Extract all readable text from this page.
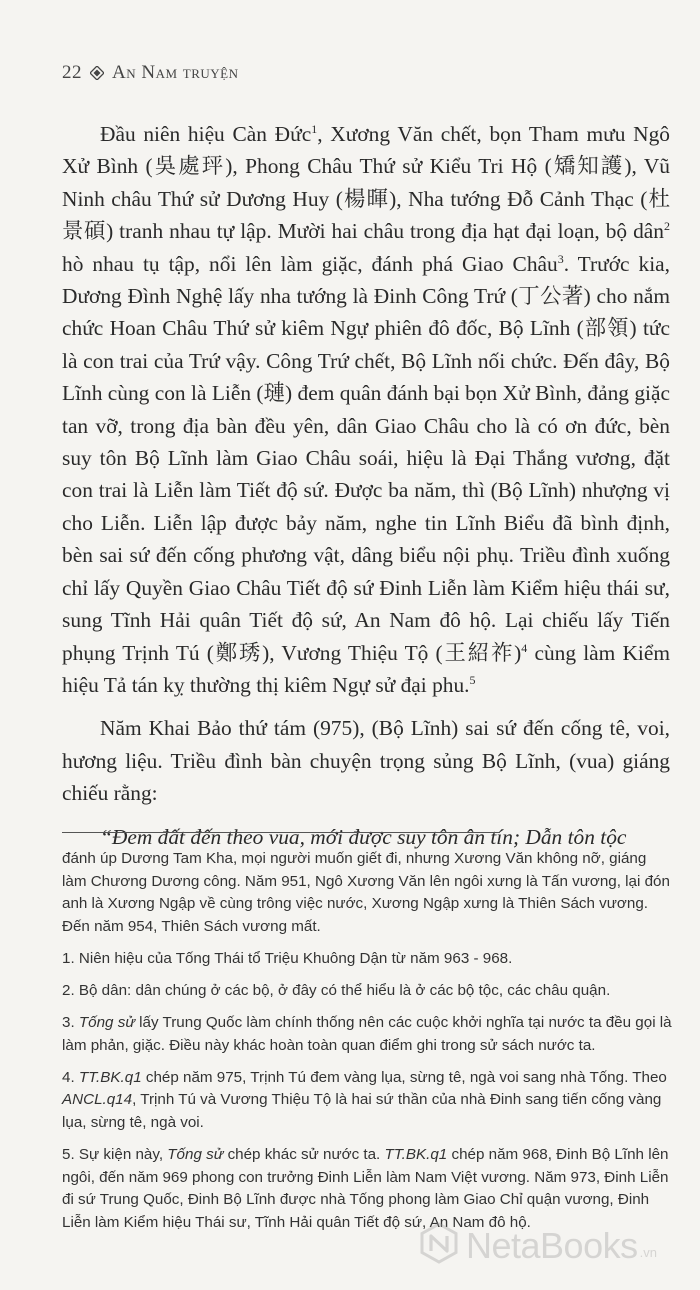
22 An Nam truyện

Đầu niên hiệu Càn Đức$^1$, Xương Văn chết, bọn Tham mưu Ngô Xử Bình (吳處玶), Phong Châu Thứ sử Kiểu Tri Hộ (矯知護), Vũ Ninh châu Thứ sử Dương Huy (楊暉), Nha tướng Đỗ Cảnh Thạc (杜景碩) tranh nhau tự lập. Mười hai châu trong địa hạt đại loạn, bộ dân$^2$ hò nhau tụ tập, nổi lên làm giặc, đánh phá Giao Châu$^3$. Trước kia, Dương Đình Nghệ lấy nha tướng là Đinh Công Trứ (丁公著) cho nắm chức Hoan Châu Thứ sử kiêm Ngự phiên đô đốc, Bộ Lĩnh (部領) tức là con trai của Trứ vậy. Công Trứ chết, Bộ Lĩnh nối chức. Đến đây, Bộ Lĩnh cùng con là Liễn (璉) đem quân đánh bại bọn Xử Bình, đảng giặc tan vỡ, trong địa bàn đều yên, dân Giao Châu cho là có ơn đức, bèn suy tôn Bộ Lĩnh làm Giao Châu soái, hiệu là Đại Thắng vương, đặt con trai là Liễn làm Tiết độ sứ. Được ba năm, thì (Bộ Lĩnh) nhượng vị cho Liễn. Liễn lập được bảy năm, nghe tin Lĩnh Biểu đã bình định, bèn sai sứ đến cống phương vật, dâng biểu nội phụ. Triều đình xuống chỉ lấy Quyền Giao Châu Tiết độ sứ Đinh Liễn làm Kiểm hiệu thái sư, sung Tĩnh Hải quân Tiết độ sứ, An Nam đô hộ. Lại chiếu lấy Tiến phụng Trịnh Tú (鄭琇), Vương Thiệu Tộ (王紹祚)$^4$ cùng làm Kiểm hiệu Tả tán kỵ thường thị kiêm Ngự sử đại phu.$^5$

Năm Khai Bảo thứ tám (975), (Bộ Lĩnh) sai sứ đến cống tê, voi, hương liệu. Triều đình bàn chuyện trọng sủng Bộ Lĩnh, (vua) giáng chiếu rằng:

“Đem đất đến theo vua, mới được suy tôn ân tín; Dẫn tôn tộc

đánh úp Dương Tam Kha, mọi người muốn giết đi, nhưng Xương Văn không nỡ, giáng làm Chương Dương công. Năm 951, Ngô Xương Văn lên ngôi xưng là Tấn vương, lại đón anh là Xương Ngập về cùng trông việc nước, Xương Ngập xưng là Thiên Sách vương. Đến năm 954, Thiên Sách vương mất.

1. Niên hiệu của Tống Thái tổ Triệu Khuông Dận từ năm 963 - 968.

2. Bộ dân: dân chúng ở các bộ, ở đây có thể hiểu là ở các bộ tộc, các châu quận.

3. Tống sử lấy Trung Quốc làm chính thống nên các cuộc khởi nghĩa tại nước ta đều gọi là làm phản, giặc. Điều này khác hoàn toàn quan điểm ghi trong sử sách nước ta.

4. TT.BK.q1 chép năm 975, Trịnh Tú đem vàng lụa, sừng tê, ngà voi sang nhà Tống. Theo ANCL.q14, Trịnh Tú và Vương Thiệu Tộ là hai sứ thần của nhà Đinh sang tiến cống vàng lụa, sừng tê, ngà voi.

5. Sự kiện này, Tống sử chép khác sử nước ta. TT.BK.q1 chép năm 968, Đinh Bộ Lĩnh lên ngôi, đến năm 969 phong con trưởng Đinh Liễn làm Nam Việt vương. Năm 973, Đinh Liễn đi sứ Trung Quốc, Đinh Bộ Lĩnh được nhà Tống phong làm Giao Chỉ quận vương, Đinh Liễn làm Kiểm hiệu Thái sư, Tĩnh Hải quân Tiết độ sứ, An Nam đô hộ.

NetaBooks .vn
